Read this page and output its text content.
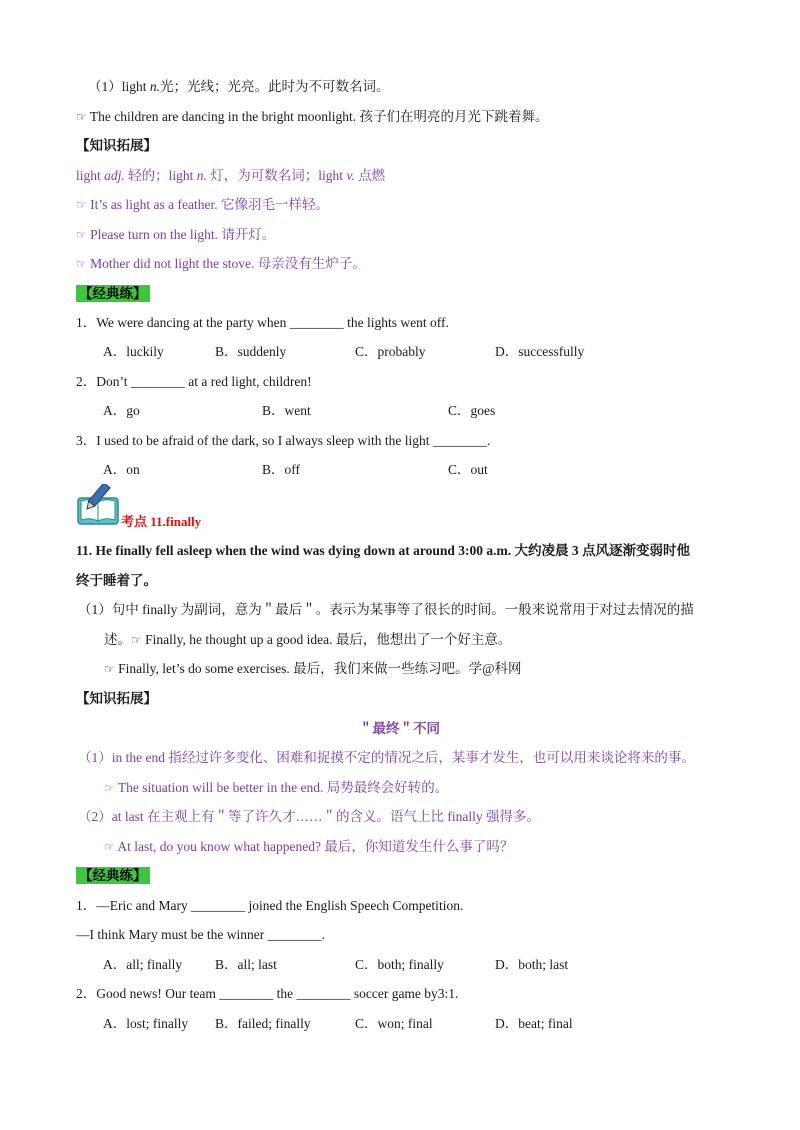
（1）light n.光；光线；光亮。此时为不可数名词。
☞ The children are dancing in the bright moonlight. 孩子们在明亮的月光下跳着舞。
【知识拓展】
light adj. 轻的；light n. 灯，为可数名词；light v. 点燃
☞ It’s as light as a feather. 它像羽毛一样轻。
☞ Please turn on the light. 请开灯。
☞ Mother did not light the stove. 母亲没有生炉子。
【经典练】
1．We were dancing at the party when ________ the lights went off.
A．luckily	B．suddenly	C．probably	D．successfully
2．Don’t ________ at a red light, children!
A．go	B．went	C．goes
3．I used to be afraid of the dark, so I always sleep with the light ________.
A．on	B．off	C．out
考点 11.finally
11. He finally fell asleep when the wind was dying down at around 3:00 a.m. 大约凌晨 3 点风逐渐变弱时他
终于睡着了。
（1）句中 finally 为副词，意为＂最后＂。表示为某事等了很长的时间。一般来说常用于对过去情况的描
述。☞ Finally, he thought up a good idea. 最后，他想出了一个好主意。
☞ Finally, let’s do some exercises. 最后，我们来做一些练习吧。学@科网
【知识拓展】
＂最终＂不同
（1）in the end 指经过许多变化、困难和捉摸不定的情况之后，某事才发生，也可以用来谈论将来的事。
☞ The situation will be better in the end. 局势最终会好转的。
（2）at last 在主观上有＂等了许久才……＂的含义。语气上比 finally 强得多。
☞ At last, do you know what happened? 最后，你知道发生什么事了吗？
【经典练】
1．—Eric and Mary ________ joined the English Speech Competition.
—I think Mary must be the winner ________.
A．all; finally B．all; last	C．both; finally	D．both; last
2．Good news! Our team ________ the ________ soccer game by3:1.
A．lost; finally B．failed; finally	C．won; final	D．beat; final
